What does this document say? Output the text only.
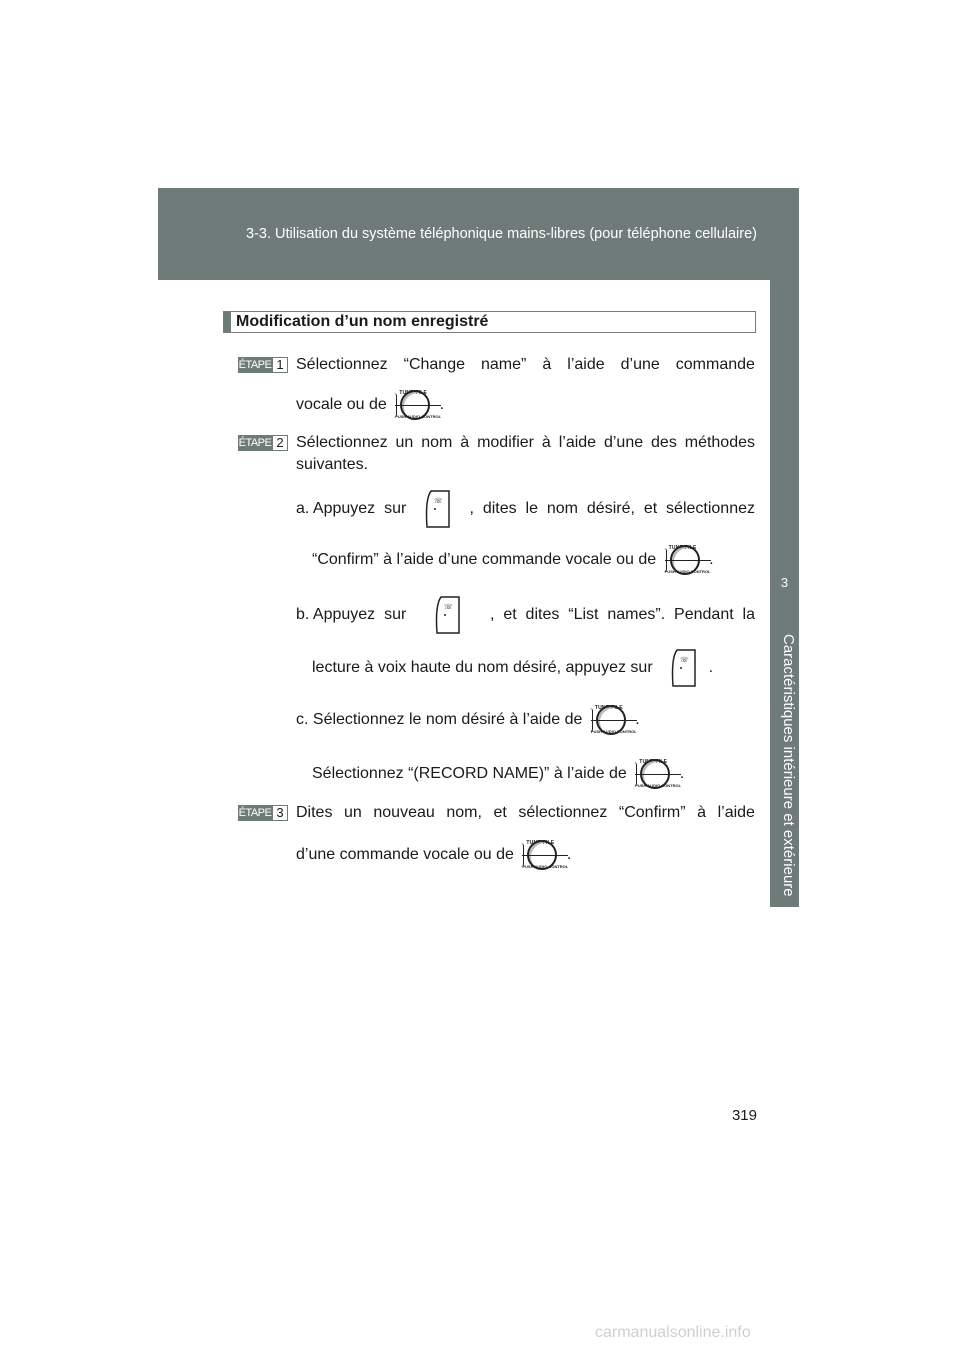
3-3. Utilisation du système téléphonique mains-libres (pour téléphone cellulaire)
3
Caractéristiques intérieure et extérieure
Modification d’un nom enregistré
ÉTAPE 1 Sélectionnez “Change name” à l’aide d’une commande
vocale ou de
TUNE·FILE
PUSH AUDIO CONTROL
.
ÉTAPE 2 Sélectionnez un nom à modifier à l’aide d’une des méthodes
suivantes.
a. Appuyez  sur	☏ ,  dites  le  nom  désiré,  et  sélectionnez
“Confirm” à l’aide d’une commande vocale ou de
TUNE·FILE
PUSH AUDIO CONTROL
.
b. Appuyez  sur	☏ ,  et  dites  “List  names”.  Pendant  la
lecture à voix haute du nom désiré, appuyez sur	☏ .
c. Sélectionnez le nom désiré à l’aide de
TUNE·FILE
PUSH AUDIO CONTROL
.
Sélectionnez “(RECORD NAME)” à l’aide de
TUNE·FILE
PUSH AUDIO CONTROL
.
ÉTAPE 3 Dites un nouveau nom, et sélectionnez “Confirm” à l’aide
d’une commande vocale ou de
TUNE·FILE
PUSH AUDIO CONTROL
.
319
carmanualsonline.info
